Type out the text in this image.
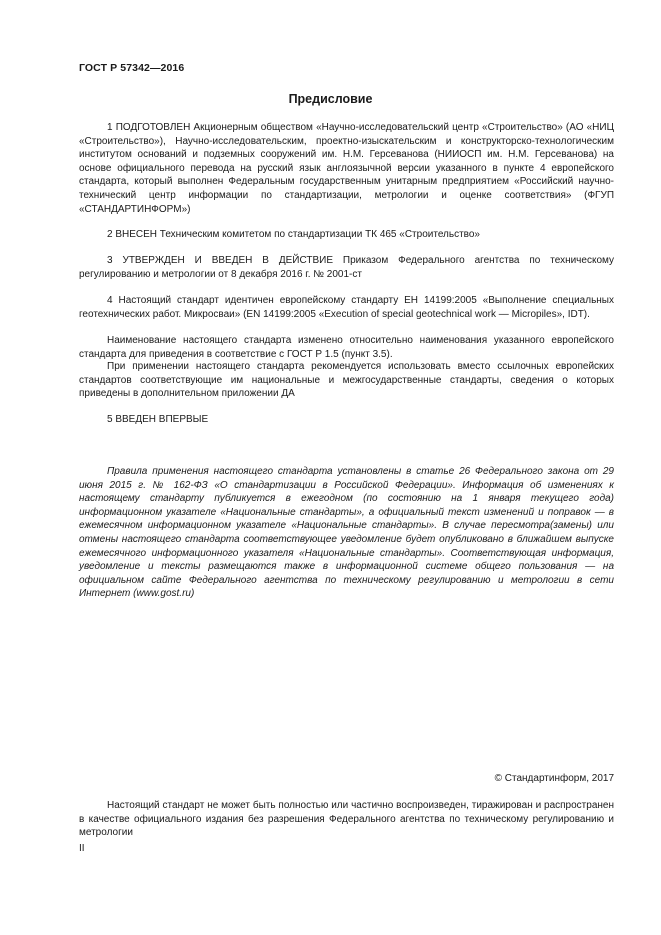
ГОСТ Р 57342—2016
Предисловие
1 ПОДГОТОВЛЕН Акционерным обществом «Научно-исследовательский центр «Строительство» (АО «НИЦ «Строительство»), Научно-исследовательским, проектно-изыскательским и конструкторско-технологическим институтом оснований и подземных сооружений им. Н.М. Герсеванова (НИИОСП им. Н.М. Герсеванова) на основе официального перевода на русский язык англоязычной версии указанного в пункте 4 европейского стандарта, который выполнен Федеральным государственным унитарным предприятием «Российский научно-технический центр информации по стандартизации, метрологии и оценке соответствия» (ФГУП «СТАНДАРТИНФОРМ»)
2 ВНЕСЕН Техническим комитетом по стандартизации ТК 465 «Строительство»
3 УТВЕРЖДЕН И ВВЕДЕН В ДЕЙСТВИЕ Приказом Федерального агентства по техническому регулированию и метрологии от 8 декабря 2016 г. № 2001-ст
4 Настоящий стандарт идентичен европейскому стандарту ЕН 14199:2005 «Выполнение специальных геотехнических работ. Микросваи» (EN 14199:2005 «Execution of special geotechnical work — Micropiles», IDT).
Наименование настоящего стандарта изменено относительно наименования указанного европейского стандарта для приведения в соответствие с ГОСТ Р 1.5 (пункт 3.5).
При применении настоящего стандарта рекомендуется использовать вместо ссылочных европейских стандартов соответствующие им национальные и межгосударственные стандарты, сведения о которых приведены в дополнительном приложении ДА
5 ВВЕДЕН ВПЕРВЫЕ
Правила применения настоящего стандарта установлены в статье 26 Федерального закона от 29 июня 2015 г. № 162-ФЗ «О стандартизации в Российской Федерации». Информация об изменениях к настоящему стандарту публикуется в ежегодном (по состоянию на 1 января текущего года) информационном указателе «Национальные стандарты», а официальный текст изменений и поправок — в ежемесячном информационном указателе «Национальные стандарты». В случае пересмотра(замены) или отмены настоящего стандарта соответствующее уведомление будет опубликовано в ближайшем выпуске ежемесячного информационного указателя «Национальные стандарты». Соответствующая информация, уведомление и тексты размещаются также в информационной системе общего пользования — на официальном сайте Федерального агентства по техническому регулированию и метрологии в сети Интернет (www.gost.ru)
© Стандартинформ, 2017
Настоящий стандарт не может быть полностью или частично воспроизведен, тиражирован и распространен в качестве официального издания без разрешения Федерального агентства по техническому регулированию и метрологии
II
